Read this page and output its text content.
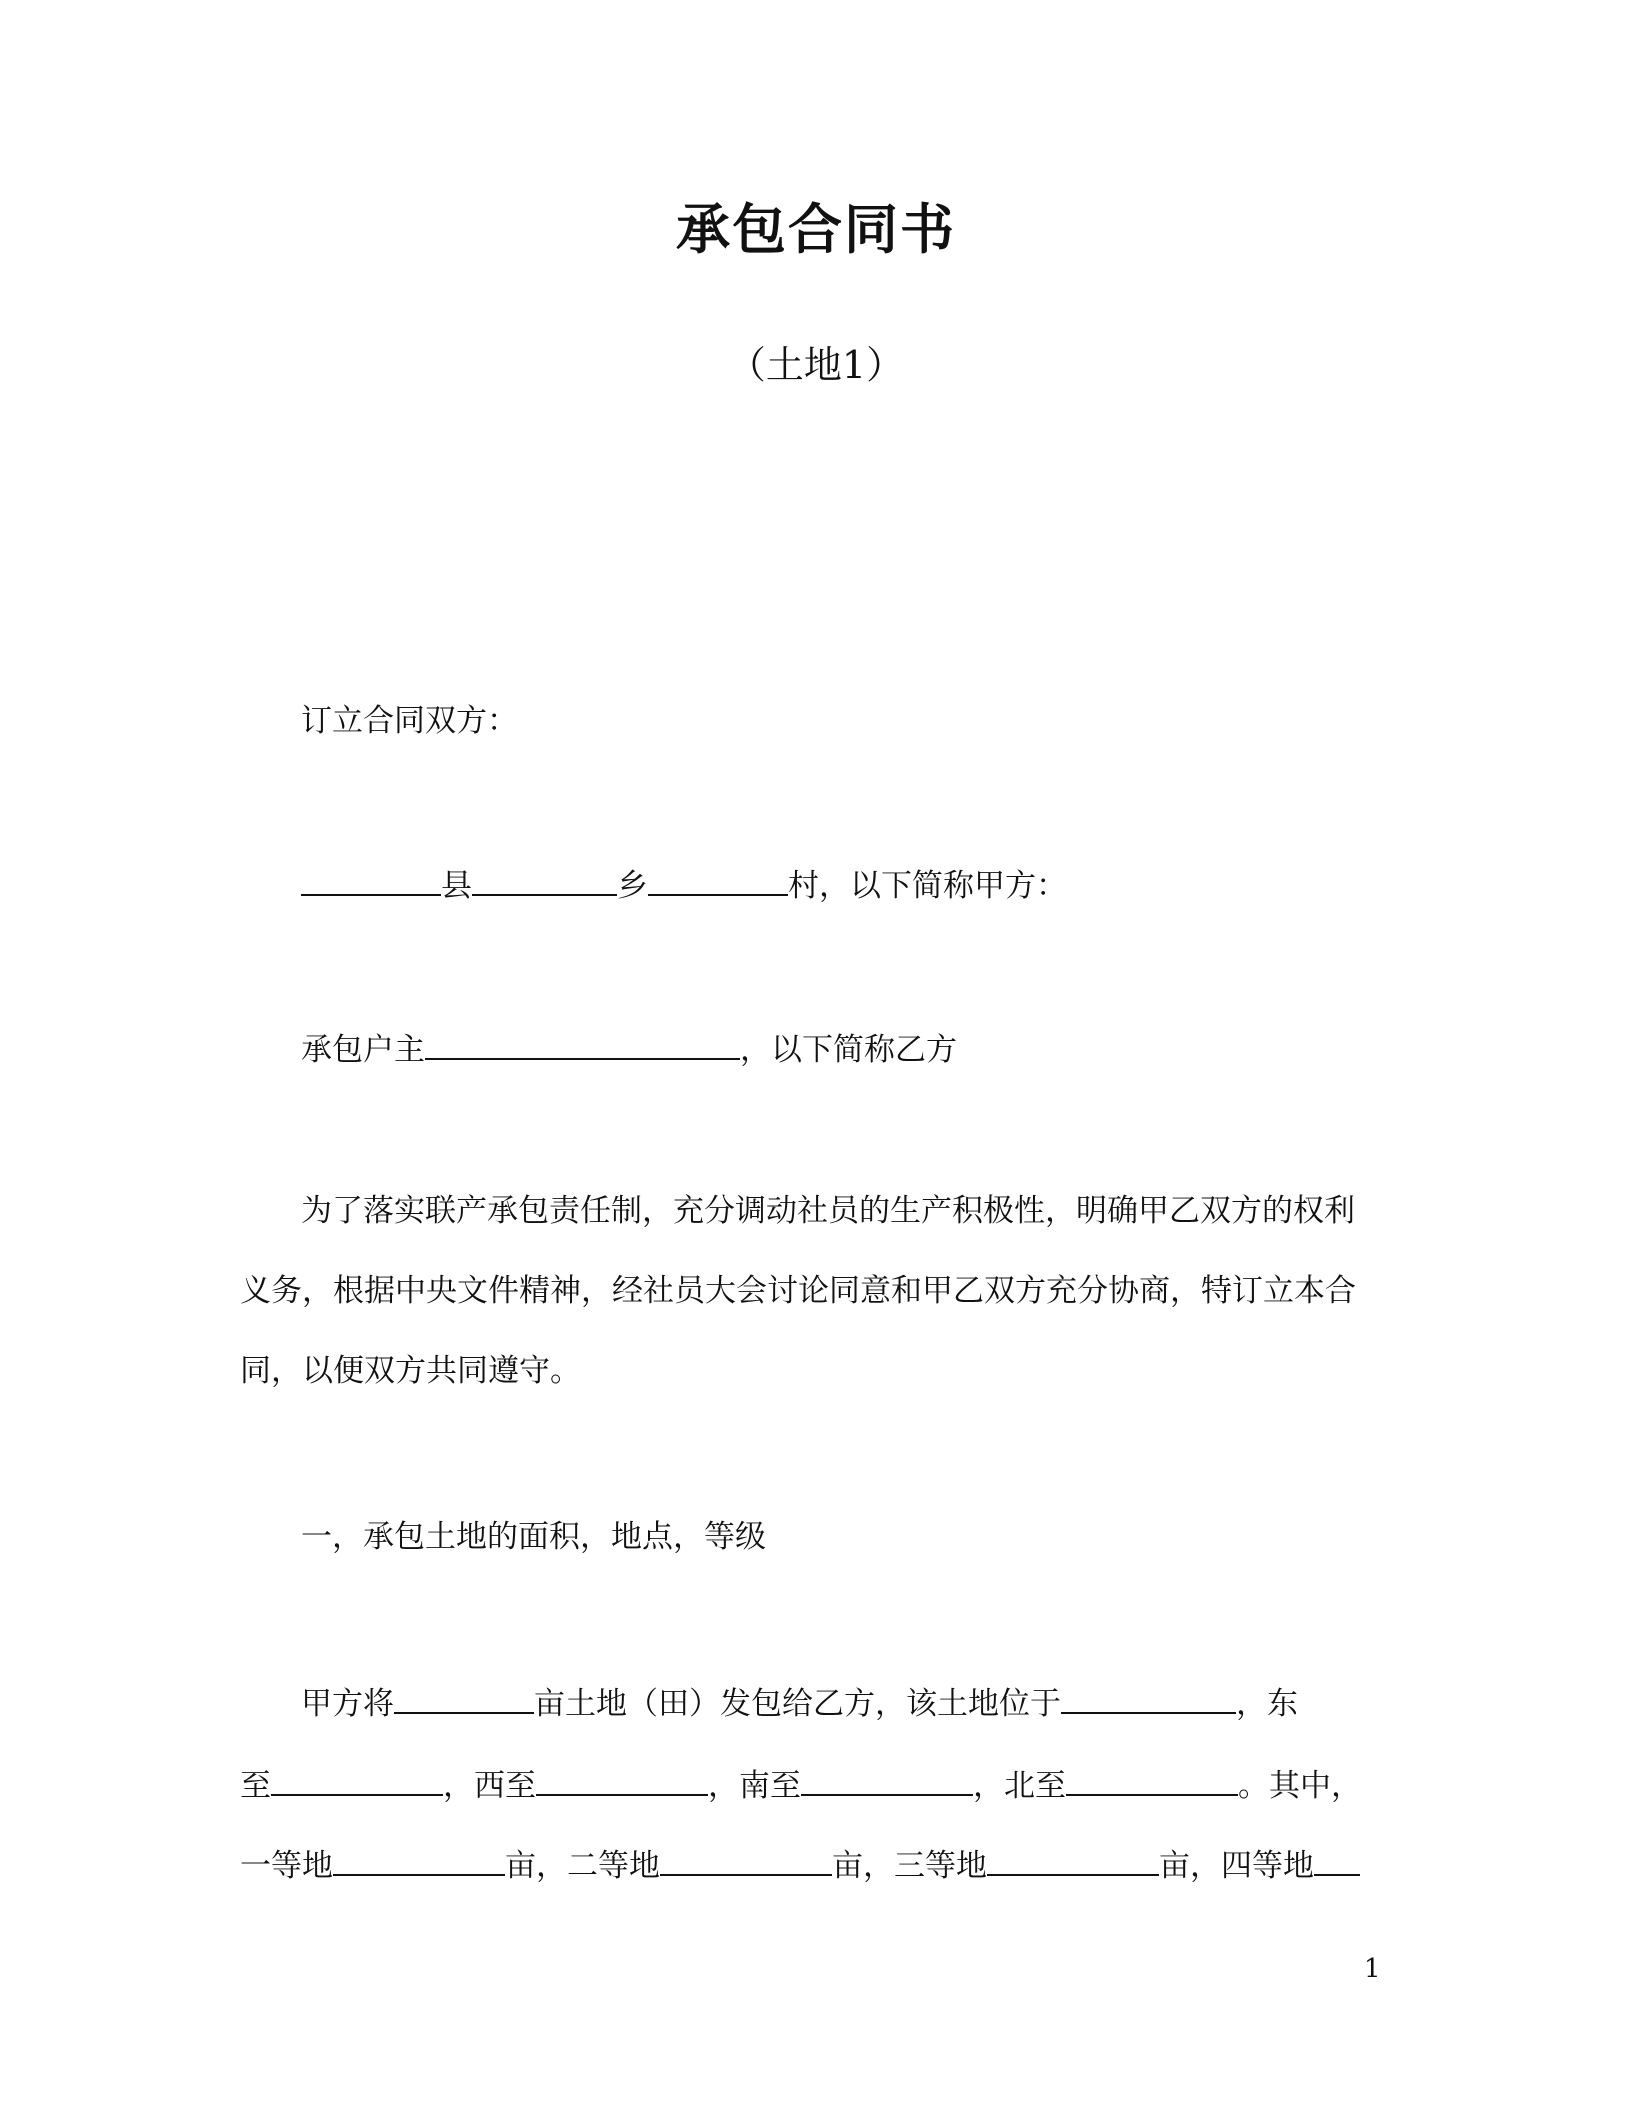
承包合同书
（土地1）
订立合同双方：
县	乡	村，以下简称甲方：
承包户主	，以下简称乙方
为了落实联产承包责任制，充分调动社员的生产积极性，明确甲乙双方的权利
义务，根据中央文件精神，经社员大会讨论同意和甲乙双方充分协商，特订立本合
同，以便双方共同遵守。
一，承包土地的面积，地点，等级
甲方将	亩土地（田）发包给乙方，该土地位于	，东
至	，西至	，南至	，北至	。其中，
一等地	亩，二等地	亩，三等地	亩，四等地
1
